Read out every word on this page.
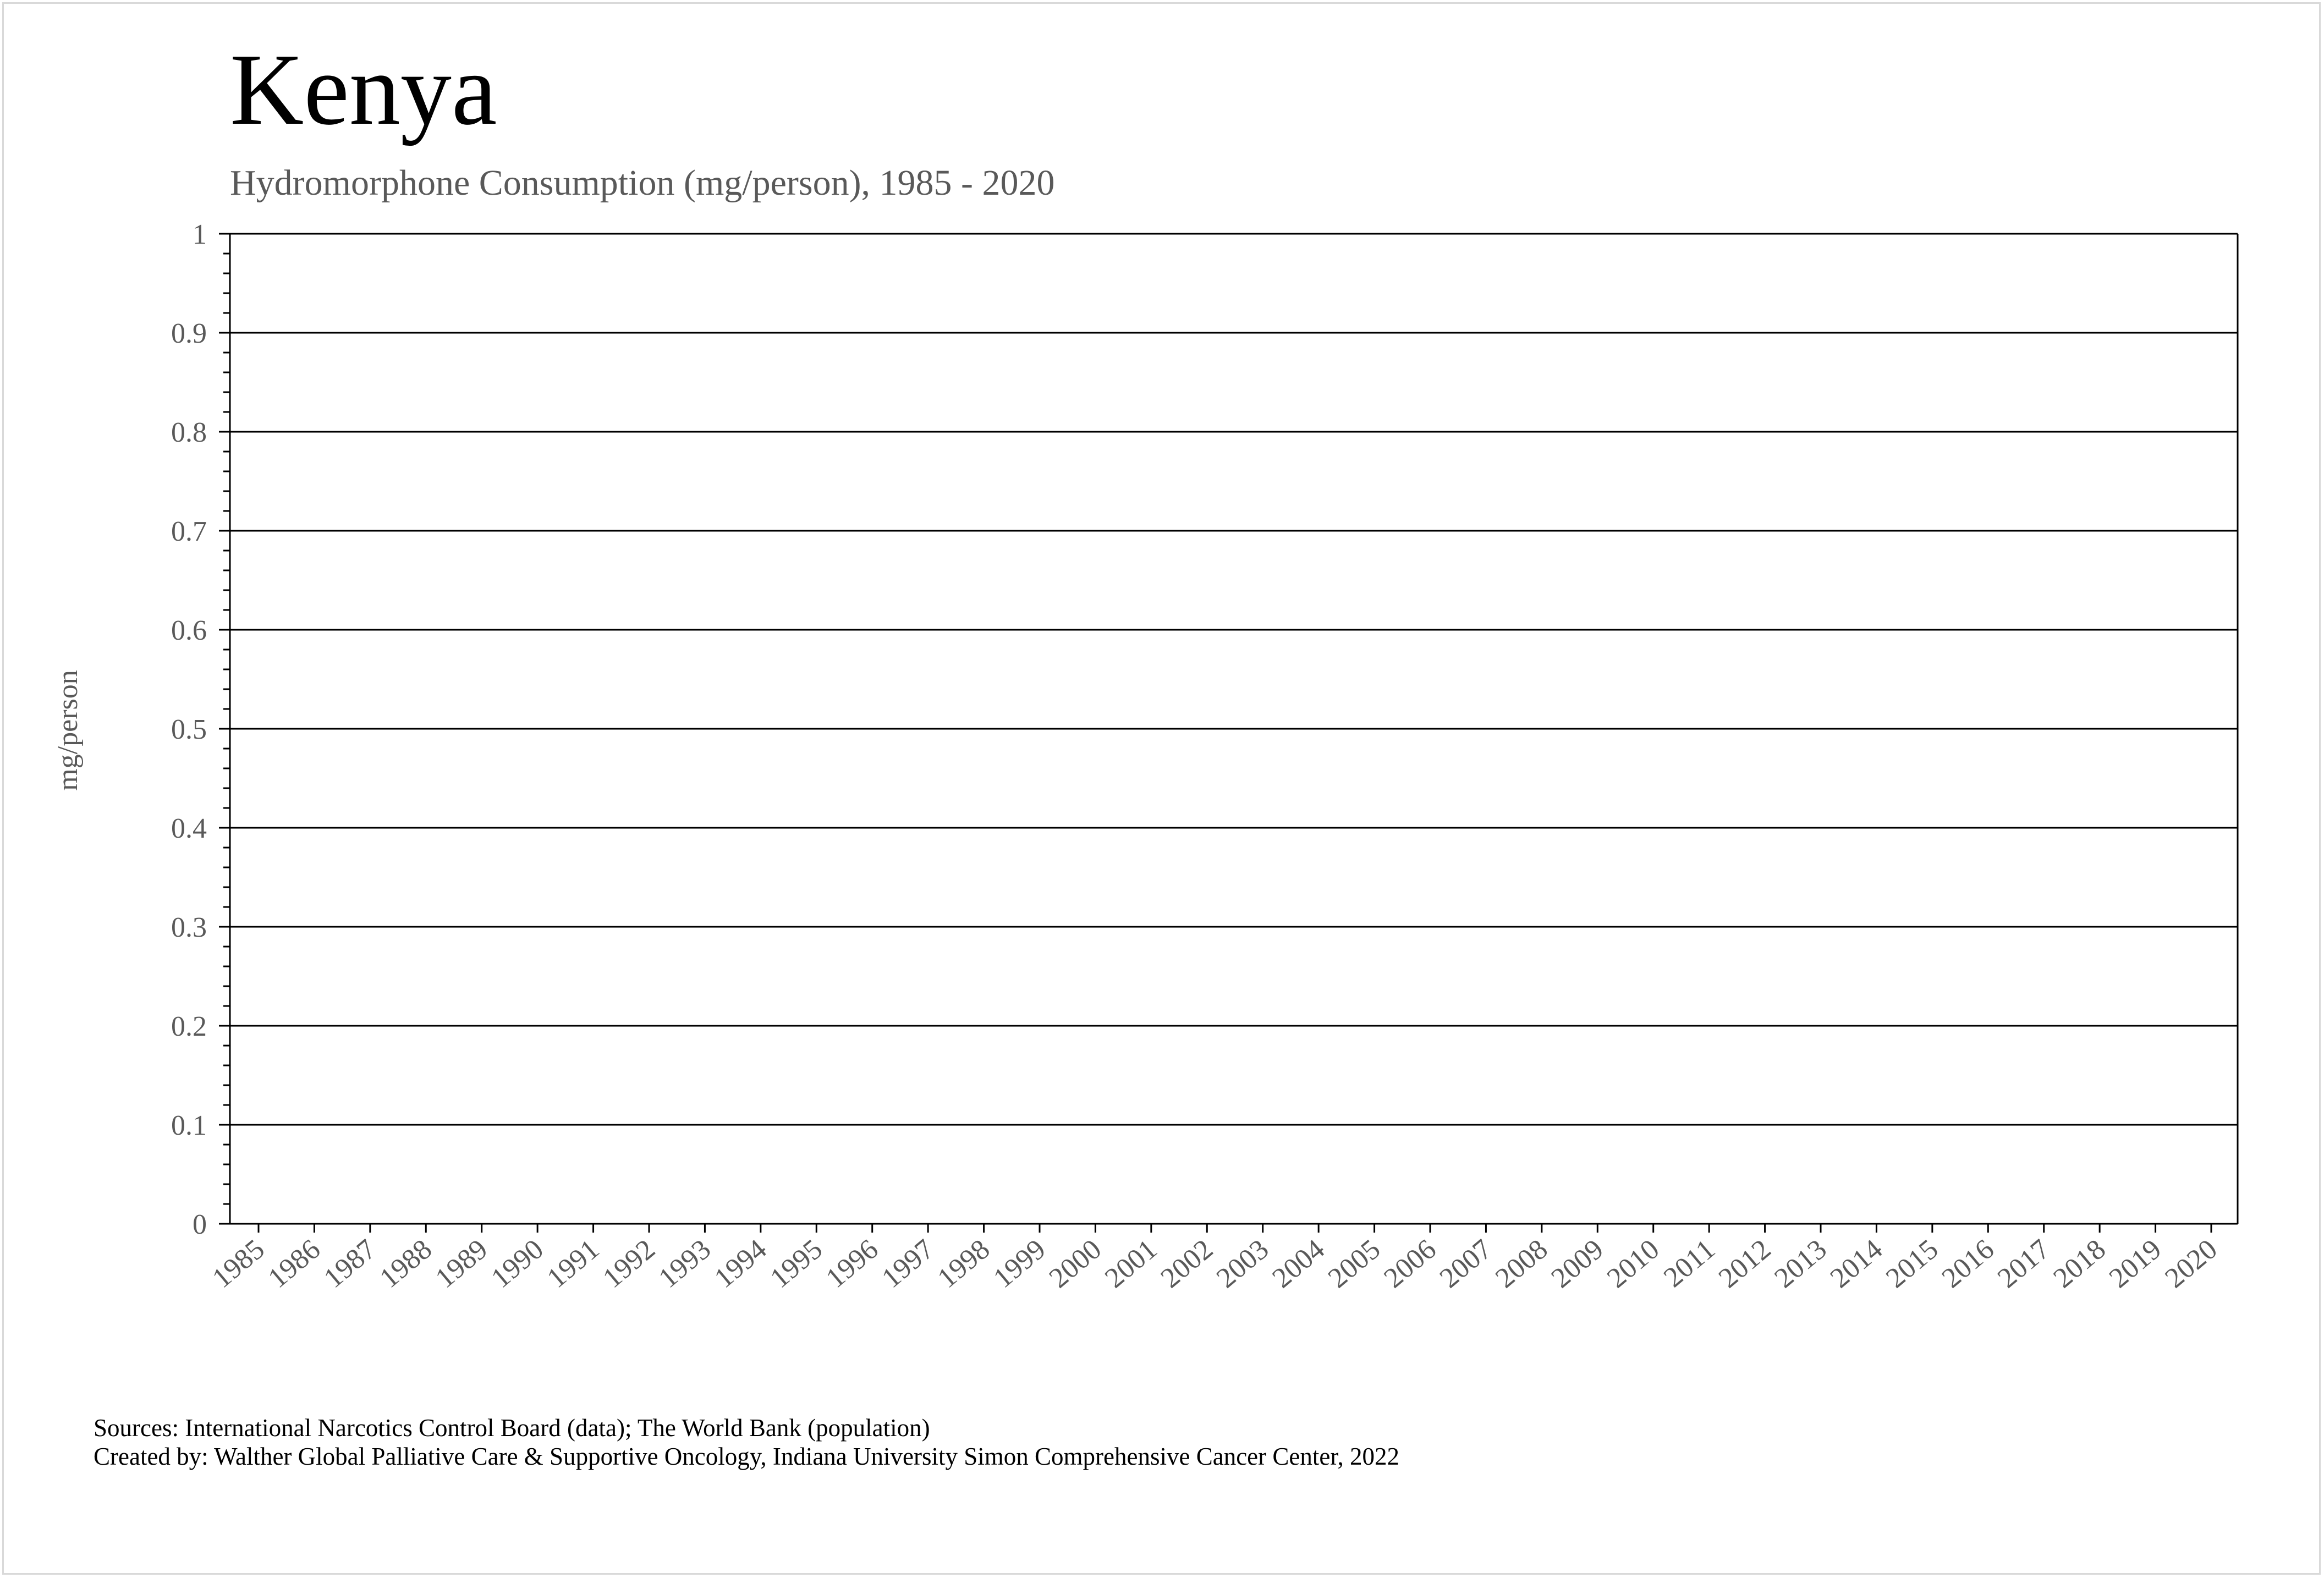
Kenya
Hydromorphone Consumption (mg/person), 1985 - 2020
0
0.1
0.2
0.3
0.4
0.5
0.6
0.7
0.8
0.9
1
1985
1986
1987
1988
1989
1990
1991
1992
1993
1994
1995
1996
1997
1998
1999
2000
2001
2002
2003
2004
2005
2006
2007
2008
2009
2010
2011
2012
2013
2014
2015
2016
2017
2018
2019
2020
mg/person
Sources: International Narcotics Control Board (data); The World Bank (population)
Created by: Walther Global Palliative Care & Supportive Oncology, Indiana University Simon Comprehensive Cancer Center, 2022
